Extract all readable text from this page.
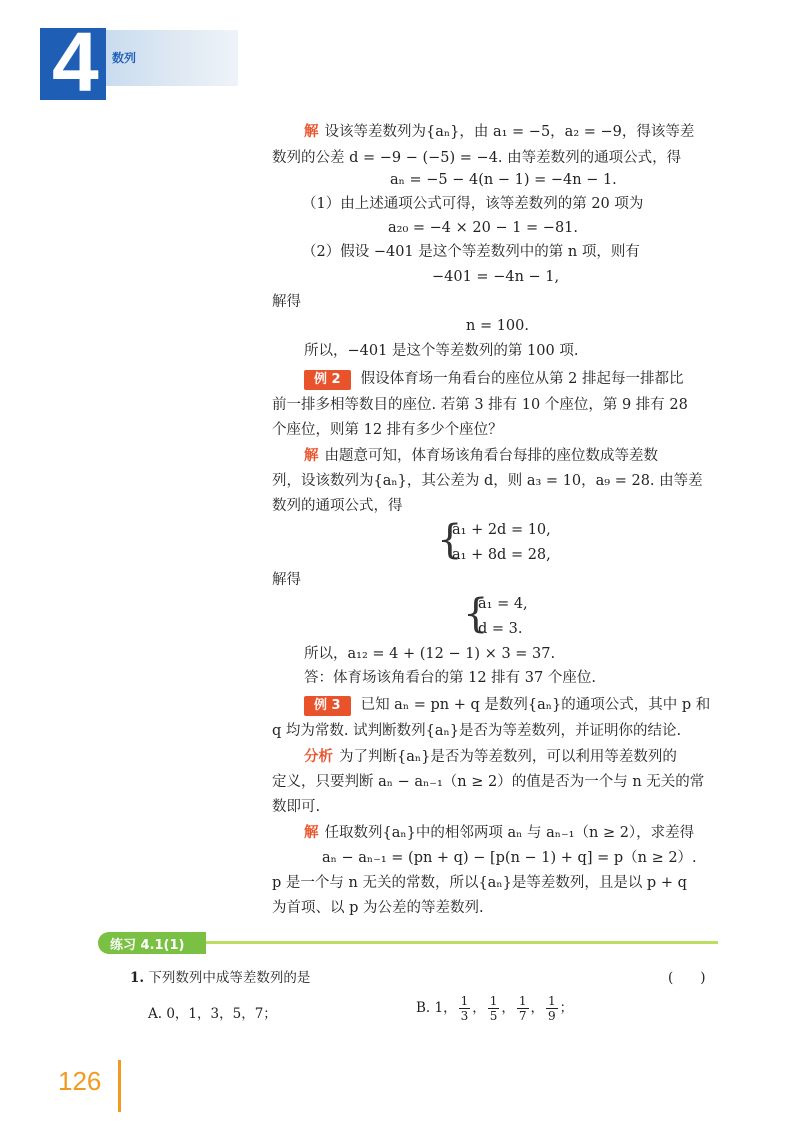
4 数列
解 设该等差数列为{aₙ}，由 a₁ = −5，a₂ = −9，得该等差
数列的公差 d = −9 − (−5) = −4. 由等差数列的通项公式，得
aₙ = −5 − 4(n − 1) = −4n − 1.
（1）由上述通项公式可得，该等差数列的第 20 项为
a₂₀ = −4 × 20 − 1 = −81.
（2）假设 −401 是这个等差数列中的第 n 项，则有
−401 = −4n − 1,
解得
n = 100.
所以，−401 是这个等差数列的第 100 项.
例 2 假设体育场一角看台的座位从第 2 排起每一排都比
前一排多相等数目的座位. 若第 3 排有 10 个座位，第 9 排有 28
个座位，则第 12 排有多少个座位？
解 由题意可知，体育场该角看台每排的座位数成等差数
列，设该数列为{aₙ}，其公差为 d，则 a₃ = 10，a₉ = 28. 由等差
数列的通项公式，得
{
a₁ + 2d = 10,
a₁ + 8d = 28,
解得
{
a₁ = 4,
d = 3.
所以，a₁₂ = 4 + (12 − 1) × 3 = 37.
答：体育场该角看台的第 12 排有 37 个座位.
例 3 已知 aₙ = pn + q 是数列{aₙ}的通项公式，其中 p 和
q 均为常数. 试判断数列{aₙ}是否为等差数列，并证明你的结论.
分析 为了判断{aₙ}是否为等差数列，可以利用等差数列的
定义，只要判断 aₙ − aₙ₋₁（n ≥ 2）的值是否为一个与 n 无关的常
数即可.
解 任取数列{aₙ}中的相邻两项 aₙ 与 aₙ₋₁（n ≥ 2），求差得
aₙ − aₙ₋₁ = (pn + q) − [p(n − 1) + q] = p（n ≥ 2）.
p 是一个与 n 无关的常数，所以{aₙ}是等差数列，且是以 p + q
为首项、以 p 为公差的等差数列.
练习 4.1(1)
1. 下列数列中成等差数列的是	(　　)
A. 0，1，3，5，7；	B. 1， $\frac{1}{3}$ ， $\frac{1}{5}$ ， $\frac{1}{7}$ ， $\frac{1}{9}$ ；
126
